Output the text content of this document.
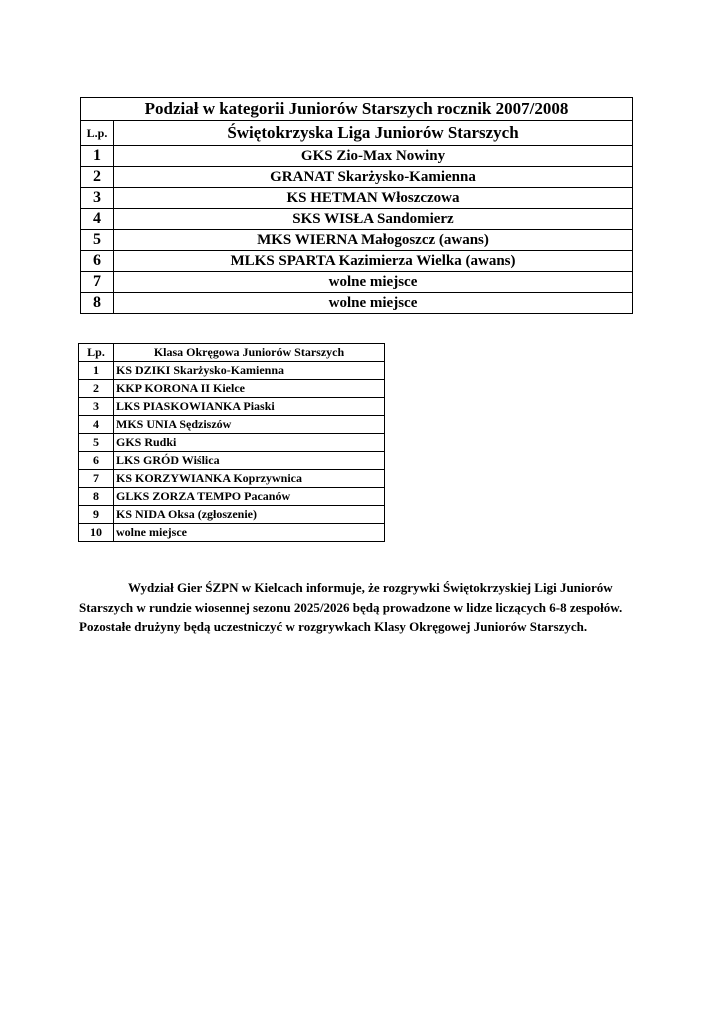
Podział w kategorii Juniorów Starszych rocznik 2007/2008	
L.p.	Świętokrzyska Liga Juniorów Starszych
1	GKS Zio-Max Nowiny
2	GRANAT Skarżysko-Kamienna
3	KS HETMAN Włoszczowa
4	SKS WISŁA Sandomierz
5	MKS WIERNA Małogoszcz (awans)
6	MLKS SPARTA Kazimierza Wielka (awans)
7	wolne miejsce
8	wolne miejsce
Lp.	Klasa Okręgowa Juniorów Starszych
1	KS DZIKI Skarżysko-Kamienna
2	KKP KORONA II Kielce
3	LKS PIASKOWIANKA Piaski
4	MKS UNIA Sędziszów
5	GKS Rudki
6	LKS GRÓD Wiślica
7	KS KORZYWIANKA Koprzywnica
8	GLKS ZORZA TEMPO Pacanów
9	KS NIDA Oksa (zgłoszenie)
10	wolne miejsce

Wydział Gier ŚZPN w Kielcach informuje, że rozgrywki Świętokrzyskiej Ligi Juniorów Starszych w rundzie wiosennej sezonu 2025/2026 będą prowadzone w lidze liczących 6-8 zespołów. Pozostałe drużyny będą uczestniczyć w rozgrywkach Klasy Okręgowej Juniorów Starszych.
